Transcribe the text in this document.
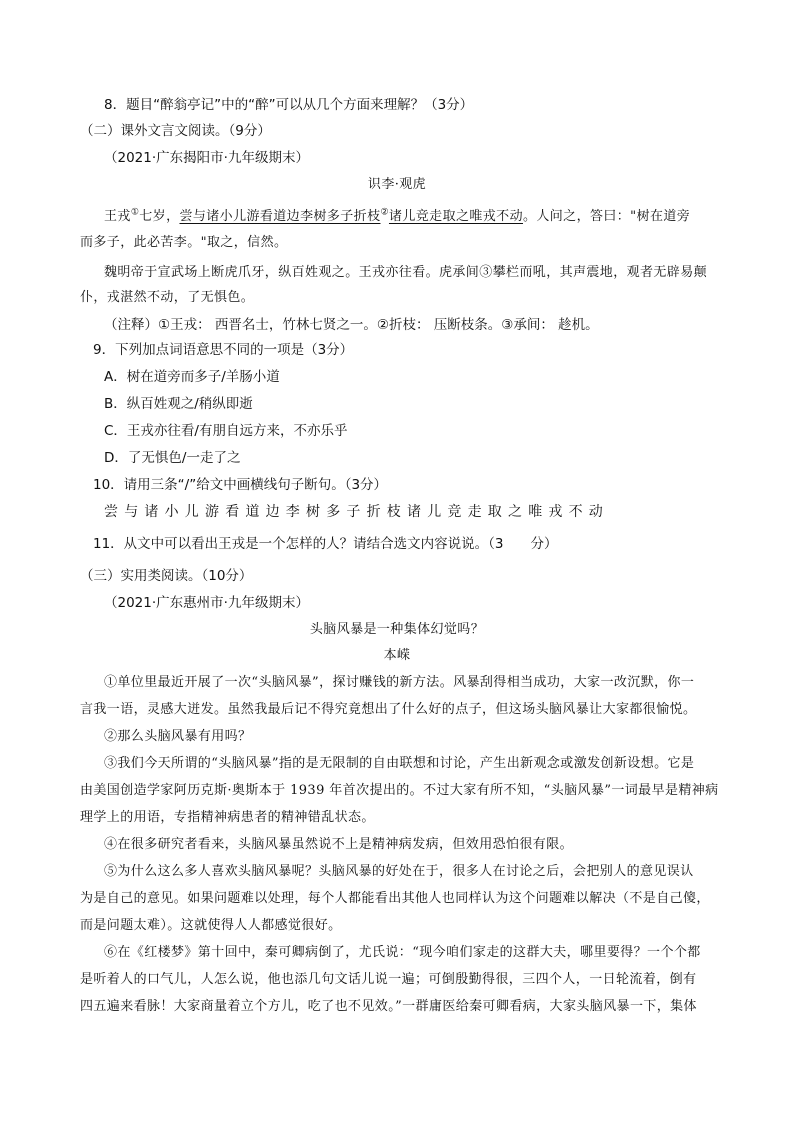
8．题目“醉翁亭记”中的“醉”可以从几个方面来理解？（3分）
（二）课外文言文阅读。（9分）
（2021·广东揭阳市·九年级期末）
识李·观虎
王戎①七岁，尝与诸小儿游看道边李树多子折枝②诸儿竞走取之唯戎不动。人问之，答曰："树在道旁
而多子，此必苦李。"取之，信然。
魏明帝于宣武场上断虎爪牙，纵百姓观之。王戎亦往看。虎承间③攀栏而吼，其声震地，观者无辟易颠
仆，戎湛然不动，了无惧色。
（注释）①王戎： 西晋名士，竹林七贤之一。②折枝： 压断枝条。③承间： 趁机。
9．下列加点词语意思不同的一项是（3分）
A．树在道旁而多子/羊肠小道
B．纵百姓观之/稍纵即逝
C．王戎亦往看/有朋自远方来，不亦乐乎
D．了无惧色/一走了之
10．请用三条“/”给文中画横线句子断句。（3分）
尝与诸小儿游看道边李树多子折枝诸儿竞走取之唯戎不动
11．从文中可以看出王戎是一个怎样的人？请结合选文内容说说。（3　　分）
（三）实用类阅读。（10分）
（2021·广东惠州市·九年级期末）
头脑风暴是一种集体幻觉吗？
本嵘
①单位里最近开展了一次“头脑风暴”，探讨赚钱的新方法。风暴刮得相当成功，大家一改沉默，你一
言我一语，灵感大迸发。虽然我最后记不得究竟想出了什么好的点子，但这场头脑风暴让大家都很愉悦。
②那么头脑风暴有用吗？
③我们今天所谓的“头脑风暴”指的是无限制的自由联想和讨论，产生出新观念或激发创新设想。它是
由美国创造学家阿历克斯·奥斯本于 1939 年首次提出的。不过大家有所不知，“头脑风暴”一词最早是精神病
理学上的用语，专指精神病患者的精神错乱状态。
④在很多研究者看来，头脑风暴虽然说不上是精神病发病，但效用恐怕很有限。
⑤为什么这么多人喜欢头脑风暴呢？头脑风暴的好处在于，很多人在讨论之后，会把别人的意见误认
为是自己的意见。如果问题难以处理，每个人都能看出其他人也同样认为这个问题难以解决（不是自己傻，
而是问题太难）。这就使得人人都感觉很好。
⑥在《红楼梦》第十回中，秦可卿病倒了，尤氏说：“现今咱们家走的这群大夫，哪里要得？一个个都
是听着人的口气儿，人怎么说，他也添几句文话儿说一遍；可倒殷勤得很，三四个人，一日轮流着，倒有
四五遍来看脉！大家商量着立个方儿，吃了也不见效。”一群庸医给秦可卿看病，大家头脑风暴一下，集体
